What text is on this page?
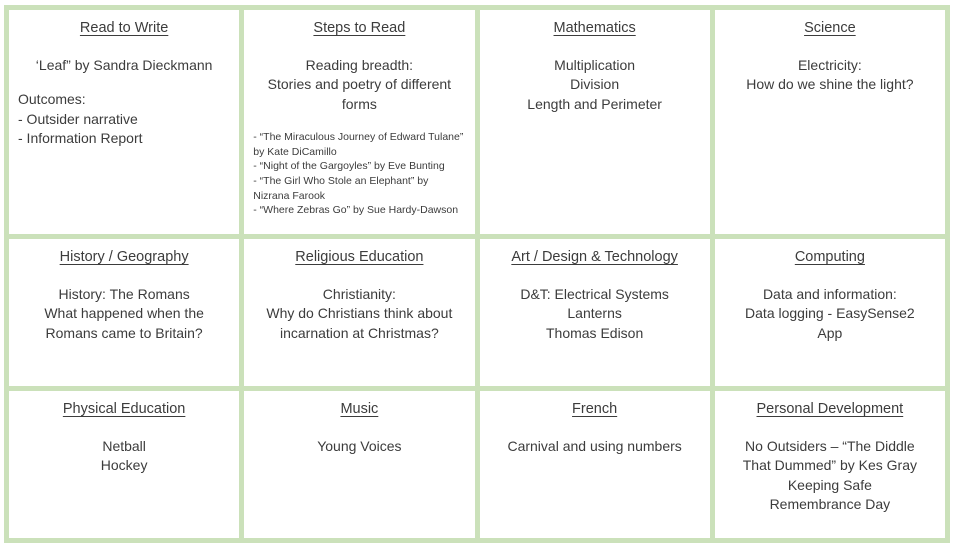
Read to Write
‘Leaf” by Sandra Dieckmann
Outcomes:
- Outsider narrative
- Information Report
Steps to Read
Reading breadth:
Stories and poetry of different
forms
- “The Miraculous Journey of Edward Tulane” by Kate DiCamillo
- “Night of the Gargoyles” by Eve Bunting
- “The Girl Who Stole an Elephant” by Nizrana Farook
- “Where Zebras Go” by Sue Hardy-Dawson
Mathematics
Multiplication
Division
Length and Perimeter
Science
Electricity:
How do we shine the light?
History / Geography
History: The Romans
What happened when the
Romans came to Britain?
Religious Education
Christianity:
Why do Christians think about
incarnation at Christmas?
Art / Design & Technology
D&T: Electrical Systems
Lanterns
Thomas Edison
Computing
Data and information:
Data logging - EasySense2
App
Physical Education
Netball
Hockey
Music
Young Voices
French
Carnival and using numbers
Personal Development
No Outsiders – “The Diddle
That Dummed” by Kes Gray
Keeping Safe
Remembrance Day
